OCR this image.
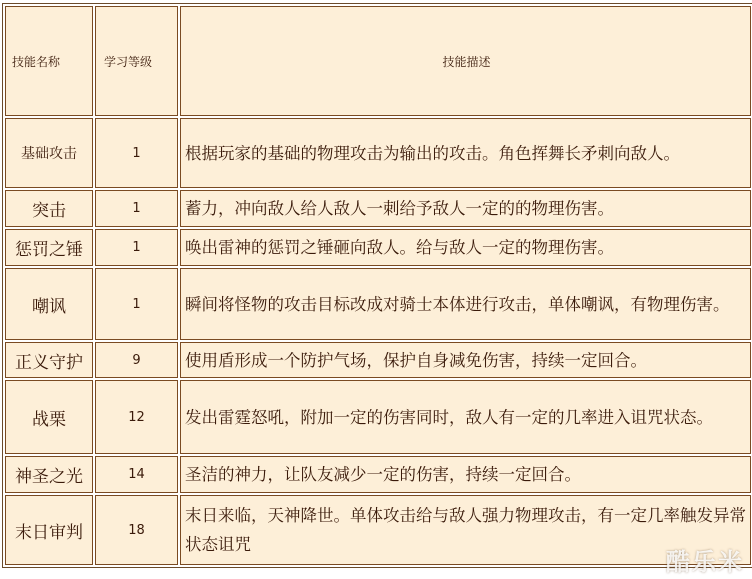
技能名称	学习等级	技能描述
基础攻击	1	根据玩家的基础的物理攻击为输出的攻击。角色挥舞长矛刺向敌人。
突击	1	蓄力，冲向敌人给人敌人一刺给予敌人一定的的物理伤害。
惩罚之锤	1	唤出雷神的惩罚之锤砸向敌人。给与敌人一定的物理伤害。
嘲讽	1	瞬间将怪物的攻击目标改成对骑士本体进行攻击，单体嘲讽，有物理伤害。
正义守护	9	使用盾形成一个防护气场，保护自身减免伤害，持续一定回合。
战栗	12	发出雷霆怒吼，附加一定的伤害同时，敌人有一定的几率进入诅咒状态。
神圣之光	14	圣洁的神力，让队友减少一定的伤害，持续一定回合。
末日审判	18	末日来临，天神降世。单体攻击给与敌人强力物理攻击，有一定几率触发异常状态诅咒
酷乐米
